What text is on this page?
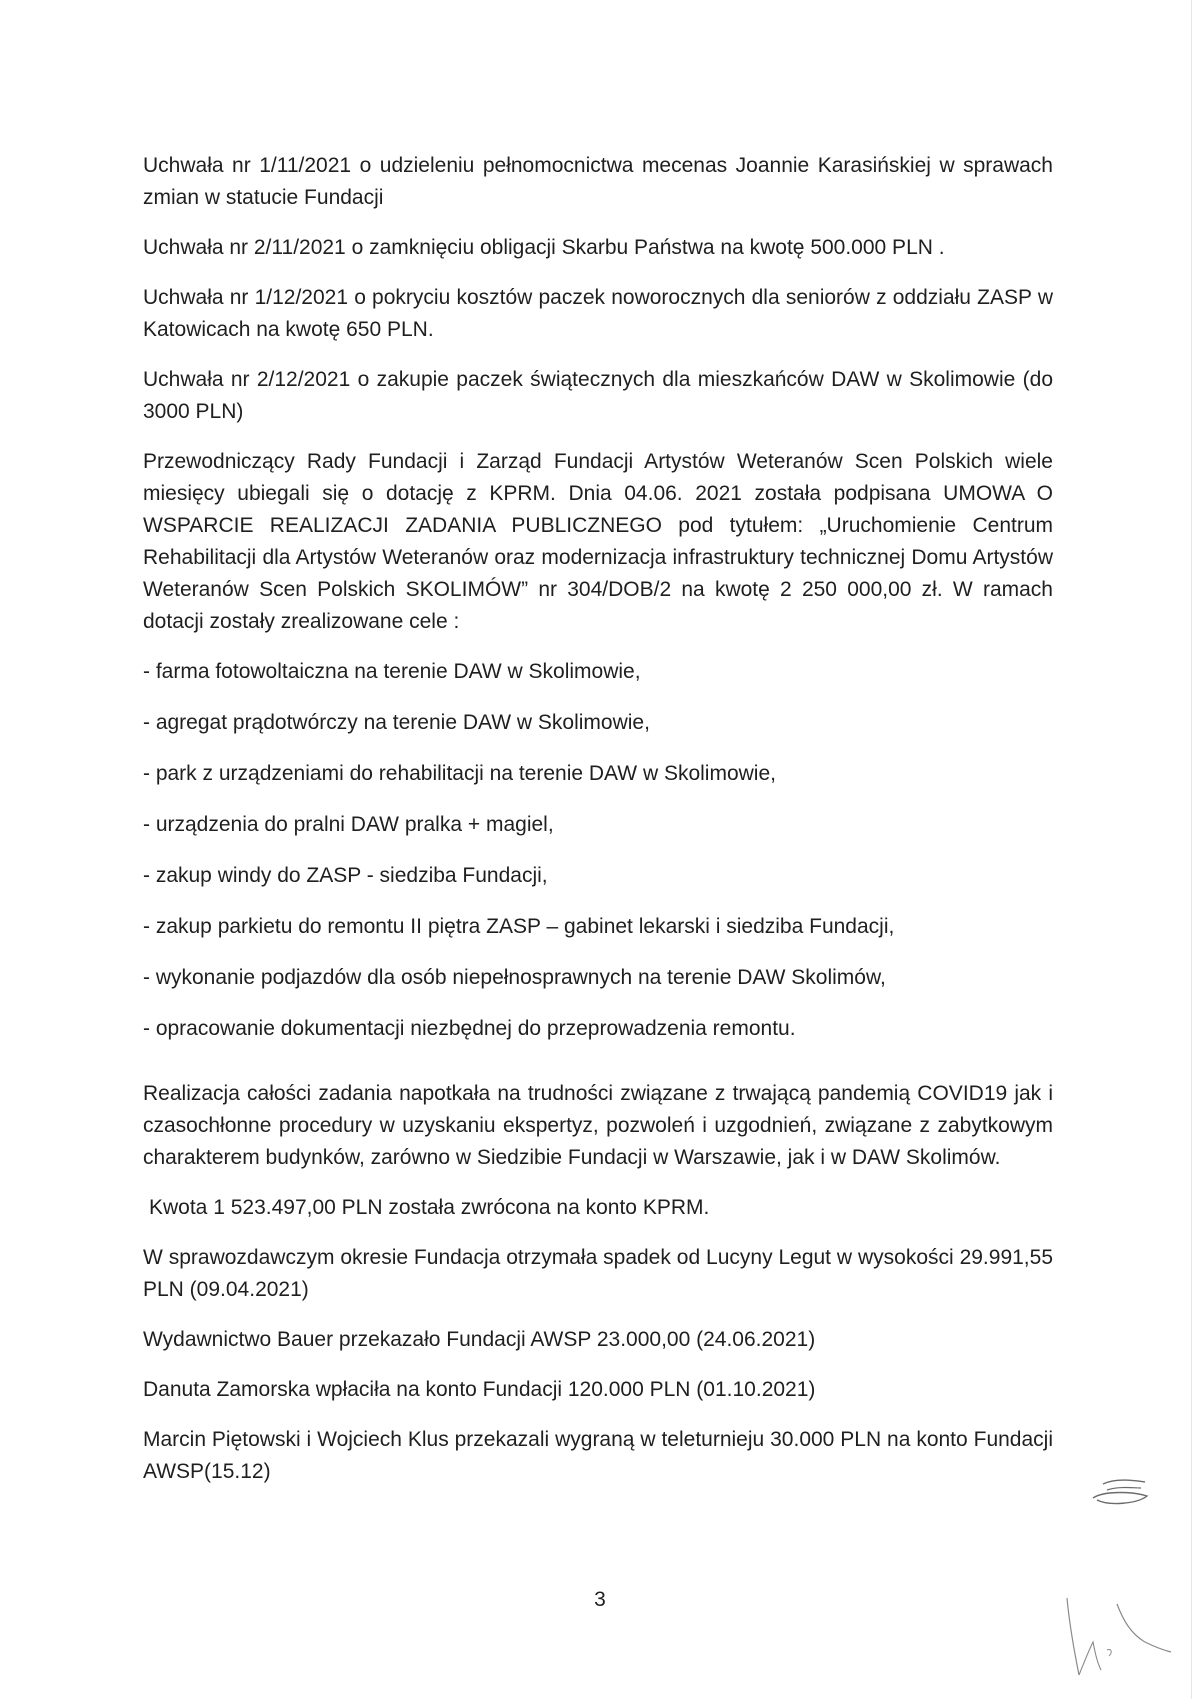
Uchwała nr 1/11/2021 o udzieleniu pełnomocnictwa mecenas Joannie Karasińskiej w sprawach zmian w statucie Fundacji

Uchwała nr 2/11/2021 o zamknięciu obligacji Skarbu Państwa na kwotę 500.000 PLN .

Uchwała nr 1/12/2021 o pokryciu kosztów paczek noworocznych dla seniorów z oddziału ZASP w Katowicach na kwotę 650 PLN.

Uchwała nr 2/12/2021 o zakupie paczek świątecznych dla mieszkańców DAW w Skolimowie (do 3000 PLN)

Przewodniczący Rady Fundacji i Zarząd Fundacji Artystów Weteranów Scen Polskich wiele miesięcy ubiegali się o dotację z KPRM. Dnia 04.06. 2021 została podpisana UMOWA O WSPARCIE REALIZACJI ZADANIA PUBLICZNEGO pod tytułem: „Uruchomienie Centrum Rehabilitacji dla Artystów Weteranów oraz modernizacja infrastruktury technicznej Domu Artystów Weteranów Scen Polskich SKOLIMÓW” nr 304/DOB/2 na kwotę 2 250 000,00 zł. W ramach dotacji zostały zrealizowane cele :

- farma fotowoltaiczna na terenie DAW w Skolimowie,

- agregat prądotwórczy na terenie DAW w Skolimowie,

- park z urządzeniami do rehabilitacji na terenie DAW w Skolimowie,

- urządzenia do pralni DAW pralka + magiel,

- zakup windy do ZASP - siedziba Fundacji,

- zakup parkietu do remontu II piętra ZASP – gabinet lekarski i siedziba Fundacji,

- wykonanie podjazdów dla osób niepełnosprawnych na terenie DAW Skolimów,

- opracowanie dokumentacji niezbędnej do przeprowadzenia remontu.

Realizacja całości zadania napotkała na trudności związane z trwającą pandemią COVID19 jak i czasochłonne procedury w uzyskaniu ekspertyz, pozwoleń i uzgodnień, związane z zabytkowym charakterem budynków, zarówno w Siedzibie Fundacji w Warszawie, jak i w DAW Skolimów.

Kwota 1 523.497,00 PLN została zwrócona na konto KPRM.

W sprawozdawczym okresie Fundacja otrzymała spadek od Lucyny Legut w wysokości 29.991,55 PLN (09.04.2021)

Wydawnictwo Bauer przekazało Fundacji AWSP 23.000,00 (24.06.2021)

Danuta Zamorska wpłaciła na konto Fundacji 120.000 PLN (01.10.2021)

Marcin Piętowski i Wojciech Klus przekazali wygraną w teleturnieju 30.000 PLN na konto Fundacji AWSP(15.12)

3
